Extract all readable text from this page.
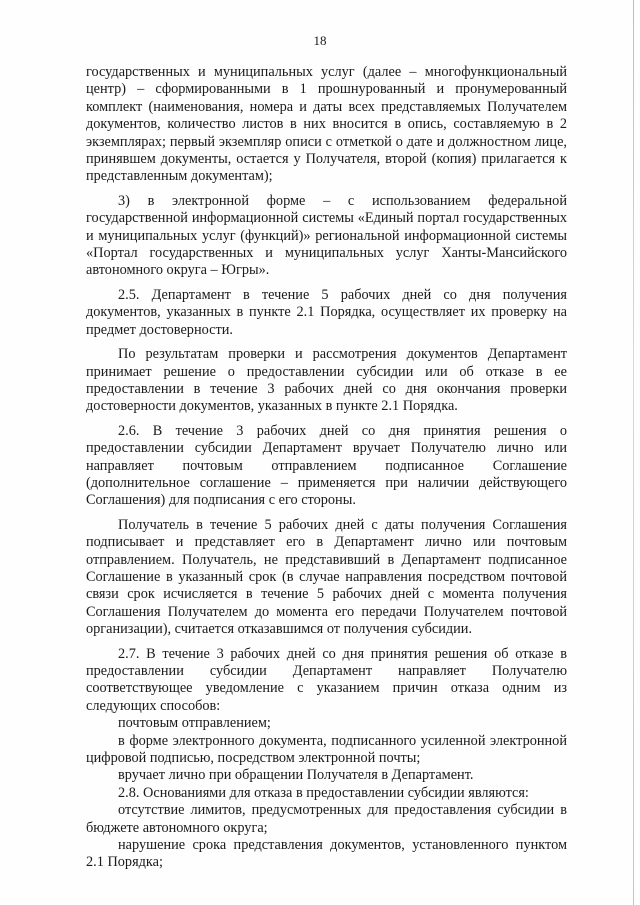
18

государственных и муниципальных услуг (далее – многофункциональный центр) – сформированными в 1 прошнурованный и пронумерованный комплект (наименования, номера и даты всех представляемых Получателем документов, количество листов в них вносится в опись, составляемую в 2 экземплярах; первый экземпляр описи с отметкой о дате и должностном лице, принявшем документы, остается у Получателя, второй (копия) прилагается к представленным документам);

3) в электронной форме – с использованием федеральной государственной информационной системы «Единый портал государственных и муниципальных услуг (функций)» региональной информационной системы «Портал государственных и муниципальных услуг Ханты-Мансийского автономного округа – Югры».

2.5. Департамент в течение 5 рабочих дней со дня получения документов, указанных в пункте 2.1 Порядка, осуществляет их проверку на предмет достоверности.

По результатам проверки и рассмотрения документов Департамент принимает решение о предоставлении субсидии или об отказе в ее предоставлении в течение 3 рабочих дней со дня окончания проверки достоверности документов, указанных в пункте 2.1 Порядка.

2.6. В течение 3 рабочих дней со дня принятия решения о предоставлении субсидии Департамент вручает Получателю лично или направляет почтовым отправлением подписанное Соглашение (дополнительное соглашение – применяется при наличии действующего Соглашения) для подписания с его стороны.

Получатель в течение 5 рабочих дней с даты получения Соглашения подписывает и представляет его в Департамент лично или почтовым отправлением. Получатель, не представивший в Департамент подписанное Соглашение в указанный срок (в случае направления посредством почтовой связи срок исчисляется в течение 5 рабочих дней с момента получения Соглашения Получателем до момента его передачи Получателем почтовой организации), считается отказавшимся от получения субсидии.

2.7. В течение 3 рабочих дней со дня принятия решения об отказе в предоставлении субсидии Департамент направляет Получателю соответствующее уведомление с указанием причин отказа одним из следующих способов:

почтовым отправлением;

в форме электронного документа, подписанного усиленной электронной цифровой подписью, посредством электронной почты;

вручает лично при обращении Получателя в Департамент.

2.8. Основаниями для отказа в предоставлении субсидии являются:

отсутствие лимитов, предусмотренных для предоставления субсидии в бюджете автономного округа;

нарушение срока представления документов, установленного пунктом 2.1 Порядка;
